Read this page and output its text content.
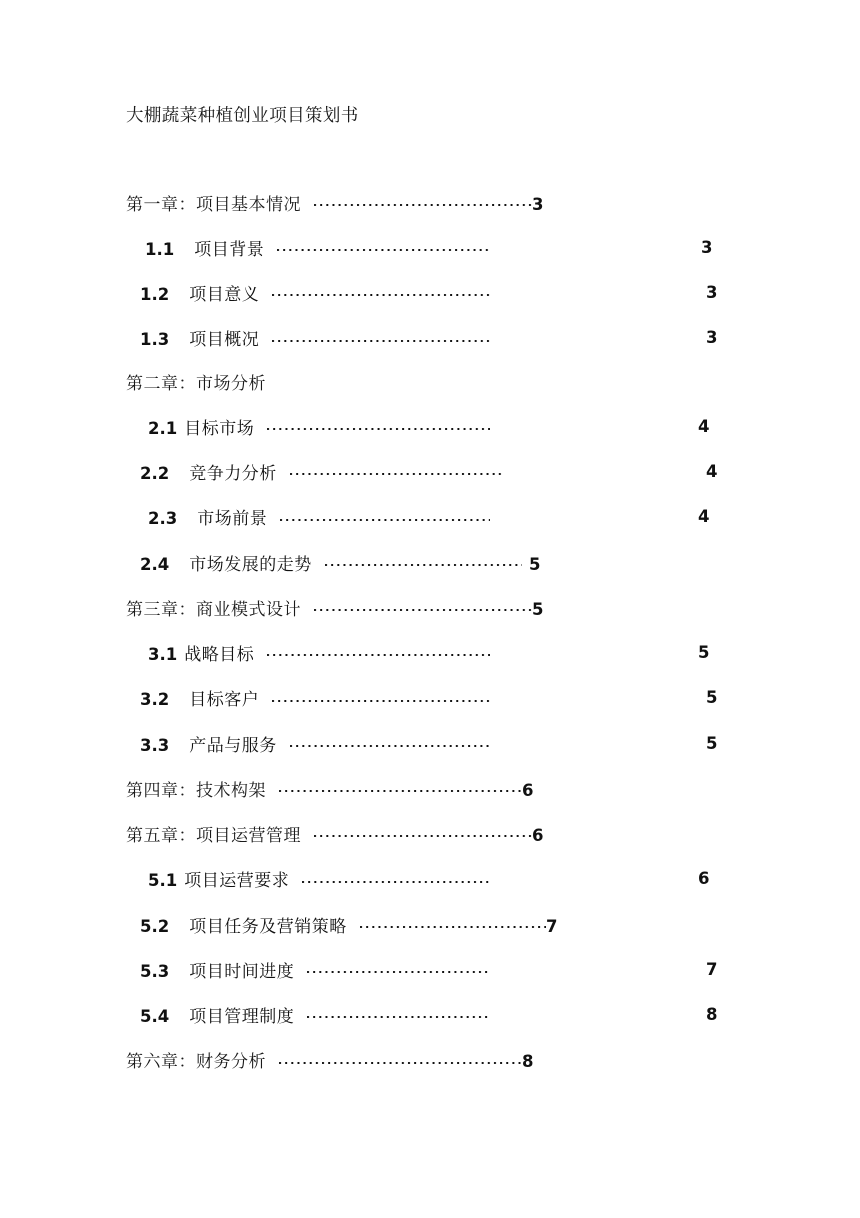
大棚蔬菜种植创业项目策划书
第一章：项目基本情况	3
1.1 项目背景	3
1.2 项目意义	3
1.3 项目概况	3
第二章：市场分析
2.1 目标市场	4
2.2 竞争力分析	4
2.3 市场前景	4
2.4 市场发展的走势	5
第三章：商业模式设计	5
3.1 战略目标	5
3.2 目标客户	5
3.3 产品与服务	5
第四章：技术构架	6
第五章：项目运营管理	6
5.1 项目运营要求	6
5.2 项目任务及营销策略	7
5.3 项目时间进度	7
5.4 项目管理制度	8
第六章：财务分析	8
